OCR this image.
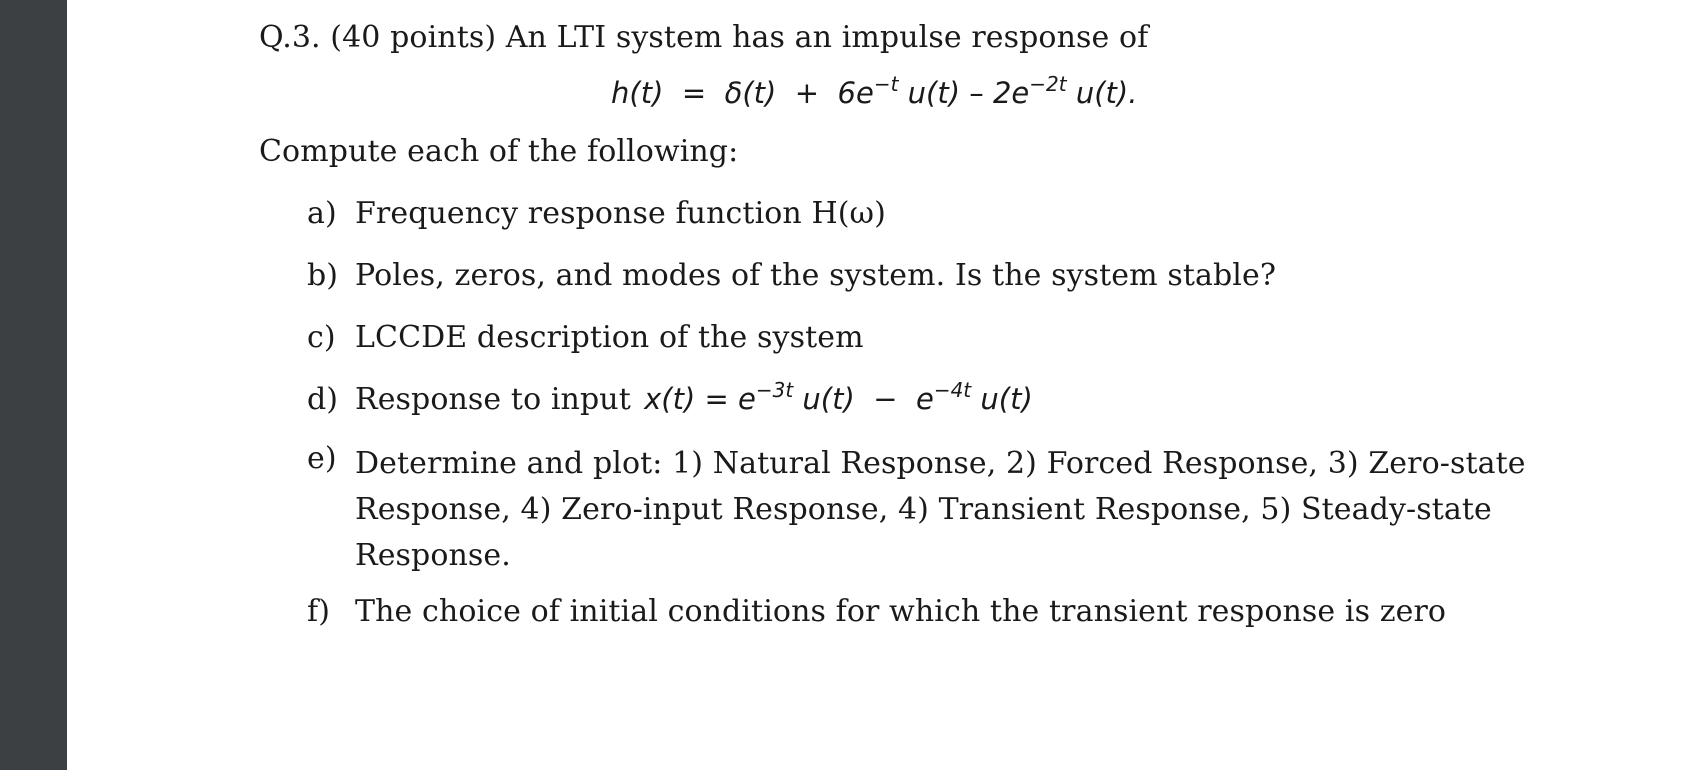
Q.3. (40 points) An LTI system has an impulse response of
$h(t) = \delta(t) + 6e^{-t}$ $u(t) - 2e^{-2t}$ u(t).
Compute each of the following:
a) Frequency response function H(ω)
b) Poles, zeros, and modes of the system. Is the system stable?
c) LCCDE description of the system
d) Response to input $x(t) = e^{-3t}$ $u(t) - e^{-4t}$ u(t)
e) Determine and plot: 1) Natural Response, 2) Forced Response, 3) Zero-state Response, 4) Zero-input Response, 4) Transient Response, 5) Steady-state Response.
f) The choice of initial conditions for which the transient response is zero
